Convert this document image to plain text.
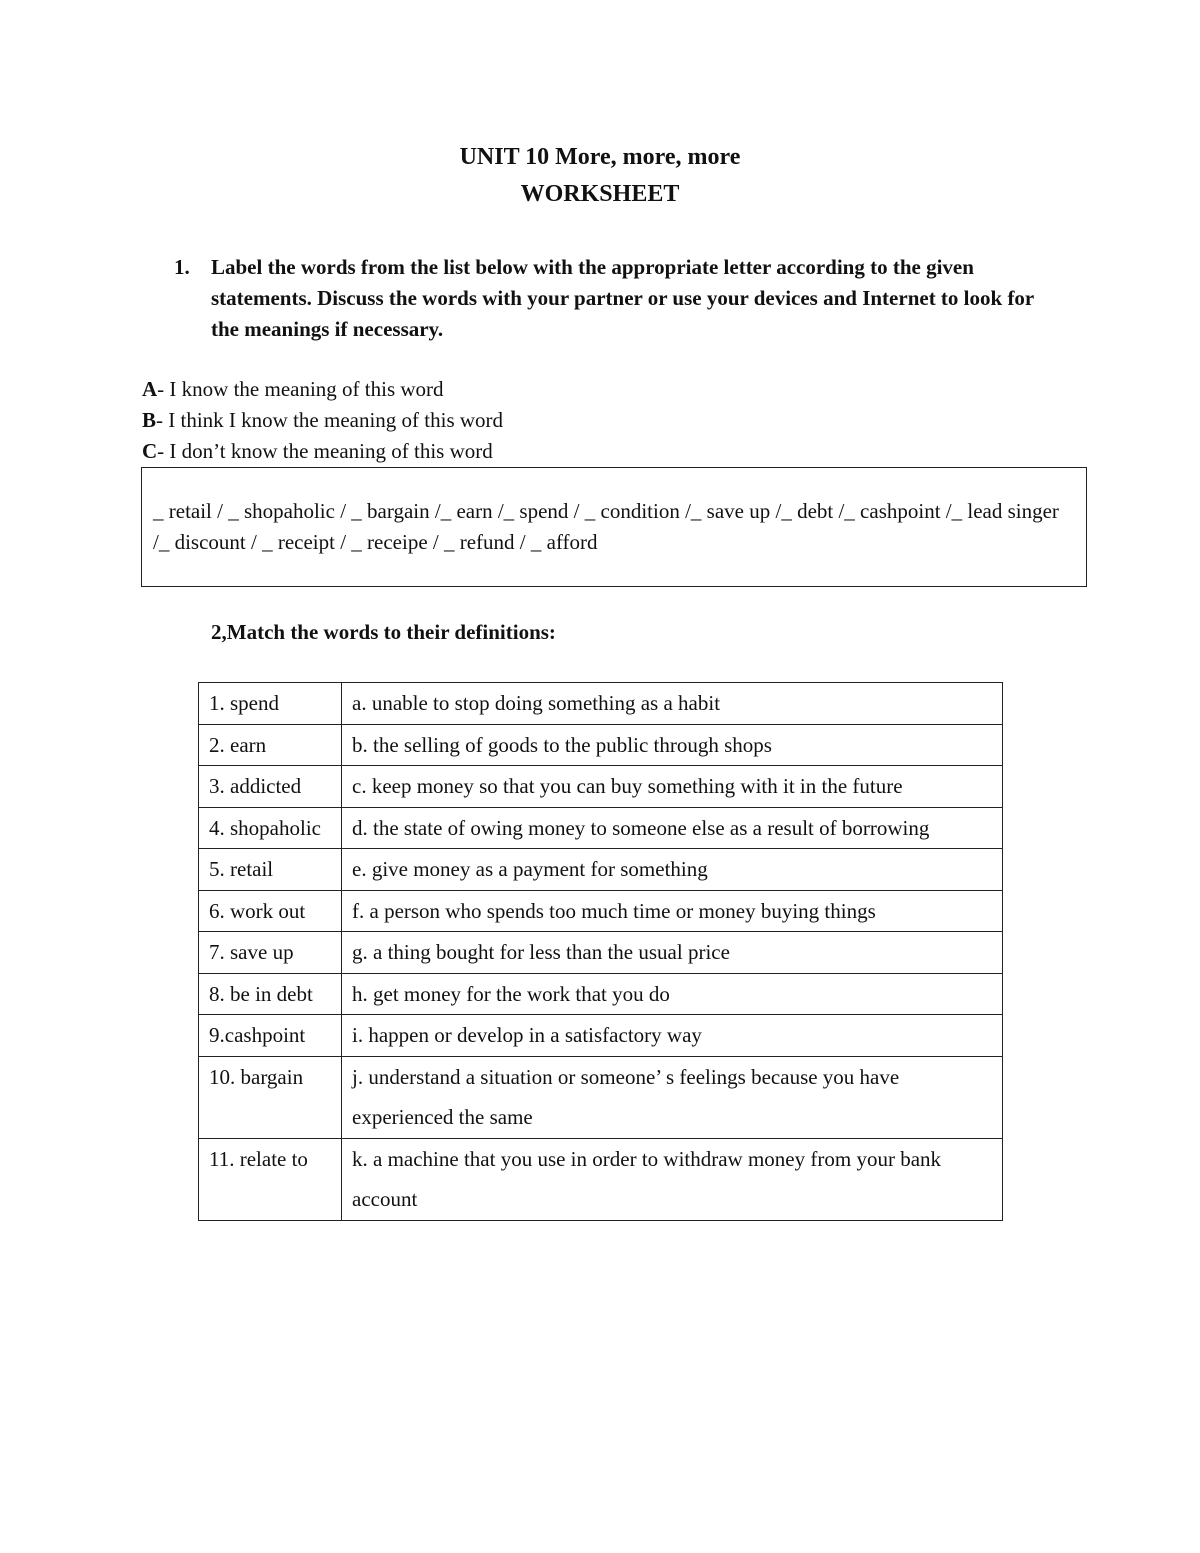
UNIT 10 More, more, more
WORKSHEET
1.	Label the words from the list below with the appropriate letter according to the given statements. Discuss the words with your partner or use your devices and Internet to look for the meanings if necessary.
A- I know the meaning of this word
B- I think I know the meaning of this word
C- I don’t know the meaning of this word
_ retail / _ shopaholic / _ bargain /_ earn /_ spend / _ condition /_ save up /_ debt /_ cashpoint /_ lead singer /_ discount / _ receipt / _ receipe / _ refund / _ afford
2,Match the words to their definitions:
1. spend	a. unable to stop doing something as a habit
2. earn	b. the selling of goods to the public through shops
3. addicted	c. keep money so that you can buy something with it in the future
4. shopaholic	d. the state of owing money to someone else as a result of borrowing
5. retail	e. give money as a payment for something
6. work out	f. a person who spends too much time or money buying things
7. save up	g. a thing bought for less than the usual price
8. be in debt	h. get money for the work that you do
9.cashpoint	i. happen or develop in a satisfactory way
10. bargain	j. understand a situation or someone’ s feelings because you have experienced the same
11. relate to	k. a machine that you use in order to withdraw money from your bank account
